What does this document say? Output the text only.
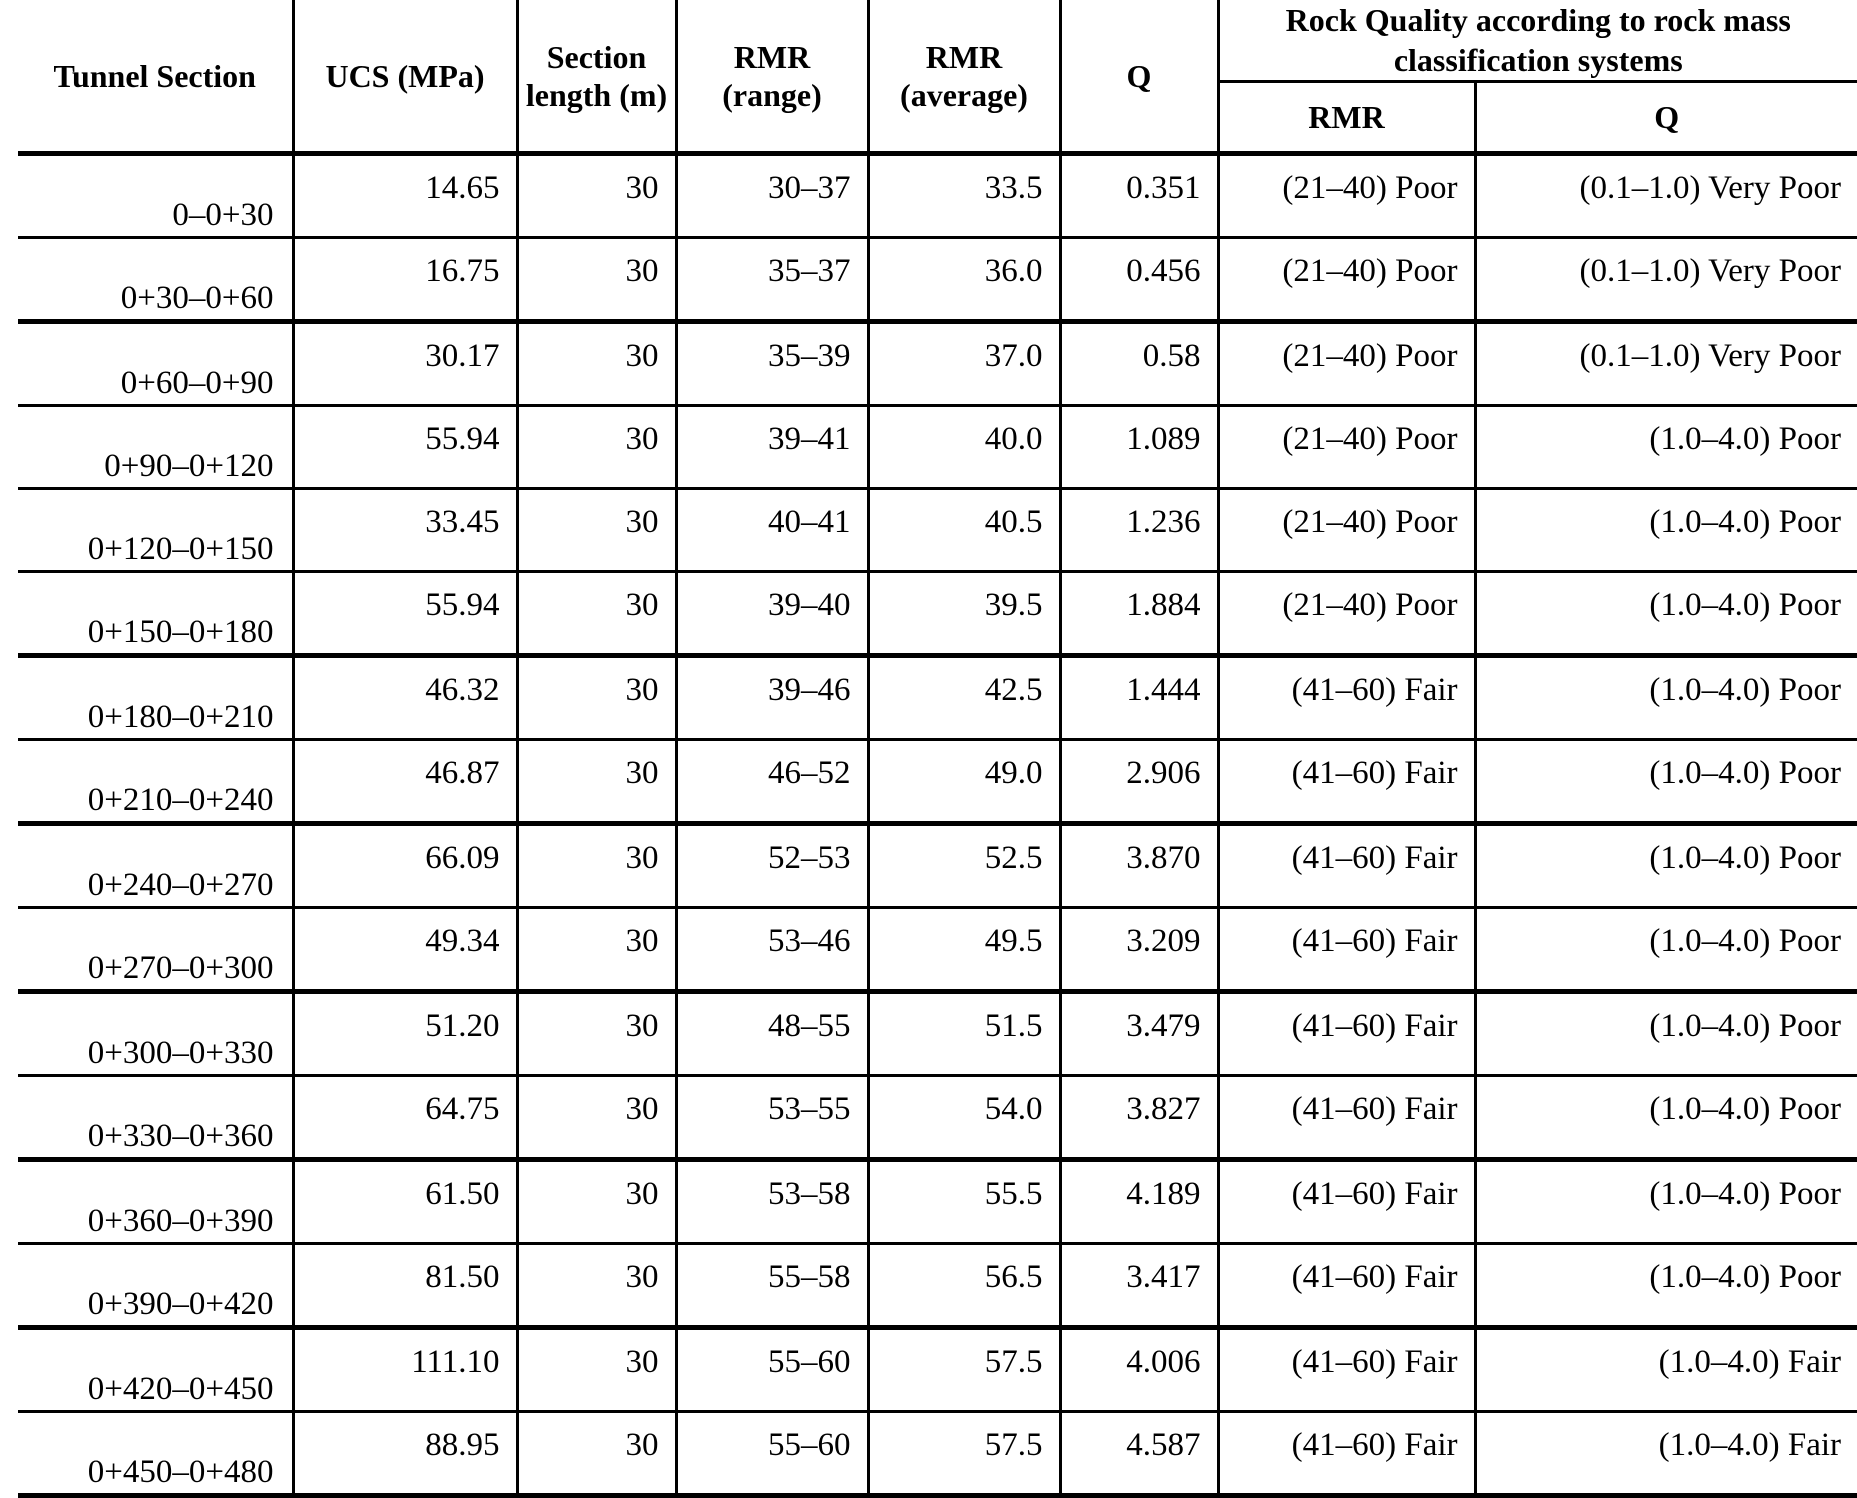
Tunnel Section	UCS (MPa)	Section length (m)	RMR (range)	RMR (average)	Q	Rock Quality according to rock mass classification systems	
						RMR	Q
0–0+30	14.65	30	30–37	33.5	0.351	(21–40) Poor	(0.1–1.0) Very Poor
0+30–0+60	16.75	30	35–37	36.0	0.456	(21–40) Poor	(0.1–1.0) Very Poor
0+60–0+90	30.17	30	35–39	37.0	0.58	(21–40) Poor	(0.1–1.0) Very Poor
0+90–0+120	55.94	30	39–41	40.0	1.089	(21–40) Poor	(1.0–4.0) Poor
0+120–0+150	33.45	30	40–41	40.5	1.236	(21–40) Poor	(1.0–4.0) Poor
0+150–0+180	55.94	30	39–40	39.5	1.884	(21–40) Poor	(1.0–4.0) Poor
0+180–0+210	46.32	30	39–46	42.5	1.444	(41–60) Fair	(1.0–4.0) Poor
0+210–0+240	46.87	30	46–52	49.0	2.906	(41–60) Fair	(1.0–4.0) Poor
0+240–0+270	66.09	30	52–53	52.5	3.870	(41–60) Fair	(1.0–4.0) Poor
0+270–0+300	49.34	30	53–46	49.5	3.209	(41–60) Fair	(1.0–4.0) Poor
0+300–0+330	51.20	30	48–55	51.5	3.479	(41–60) Fair	(1.0–4.0) Poor
0+330–0+360	64.75	30	53–55	54.0	3.827	(41–60) Fair	(1.0–4.0) Poor
0+360–0+390	61.50	30	53–58	55.5	4.189	(41–60) Fair	(1.0–4.0) Poor
0+390–0+420	81.50	30	55–58	56.5	3.417	(41–60) Fair	(1.0–4.0) Poor
0+420–0+450	111.10	30	55–60	57.5	4.006	(41–60) Fair	(1.0–4.0) Fair
0+450–0+480	88.95	30	55–60	57.5	4.587	(41–60) Fair	(1.0–4.0) Fair
